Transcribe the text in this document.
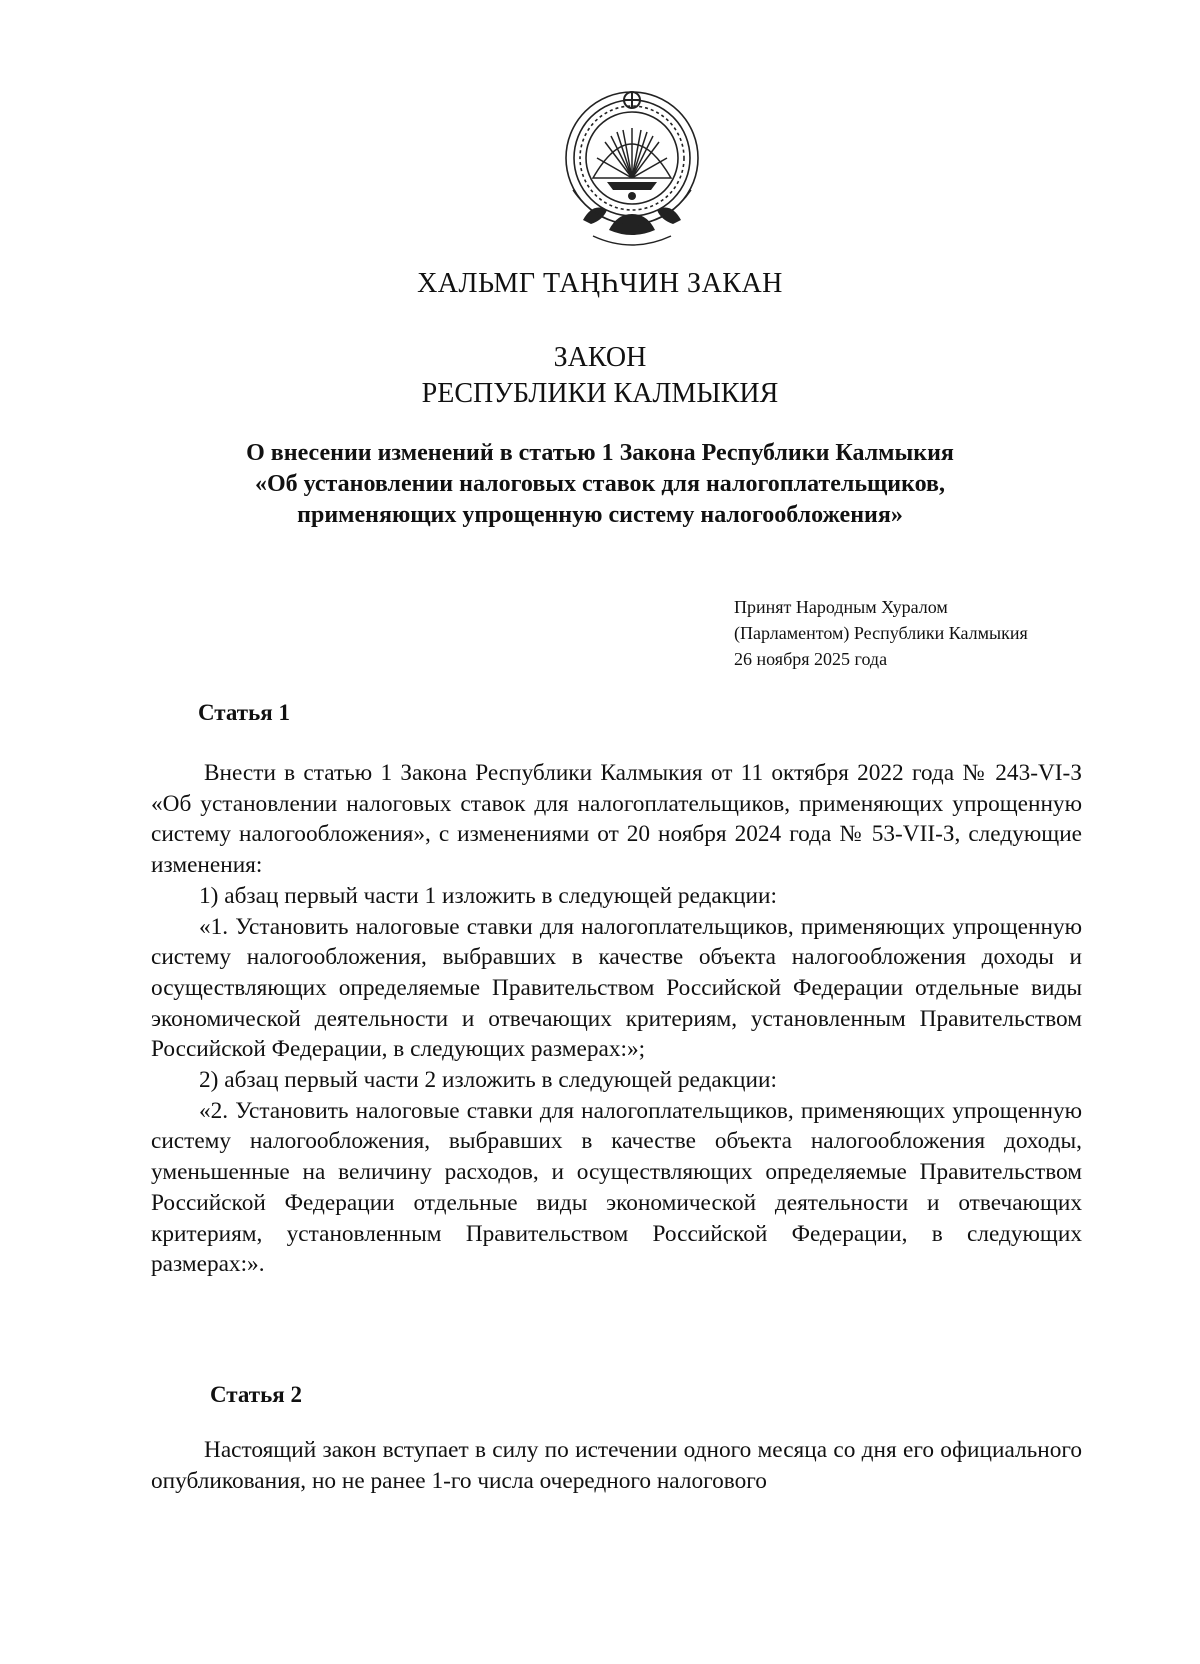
ХАЛЬМГ ТАҢҺЧИН ЗАКАН
ЗАКОН
РЕСПУБЛИКИ КАЛМЫКИЯ
О внесении изменений в статью 1 Закона Республики Калмыкия
«Об установлении налоговых ставок для налогоплательщиков,
применяющих упрощенную систему налогообложения»
Принят Народным Хуралом
(Парламентом) Республики Калмыкия
26 ноября 2025 года
Статья 1
Внести в статью 1 Закона Республики Калмыкия от 11 октября 2022 года № 243-VI-З «Об установлении налоговых ставок для налогоплательщиков, применяющих упрощенную систему налогообложения», с изменениями от 20 ноября 2024 года № 53-VII-З, следующие изменения:
1) абзац первый части 1 изложить в следующей редакции:
«1. Установить налоговые ставки для налогоплательщиков, применяющих упрощенную систему налогообложения, выбравших в качестве объекта налогообложения доходы и осуществляющих определяемые Правительством Российской Федерации отдельные виды экономической деятельности и отвечающих критериям, установленным Правительством Российской Федерации, в следующих размерах:»;
2) абзац первый части 2 изложить в следующей редакции:
«2. Установить налоговые ставки для налогоплательщиков, применяющих упрощенную систему налогообложения, выбравших в качестве объекта налогообложения доходы, уменьшенные на величину расходов, и осуществляющих определяемые Правительством Российской Федерации отдельные виды экономической деятельности и отвечающих критериям, установленным Правительством Российской Федерации, в следующих размерах:».
Статья 2
Настоящий закон вступает в силу по истечении одного месяца со дня его официального опубликования, но не ранее 1-го числа очередного налогового
